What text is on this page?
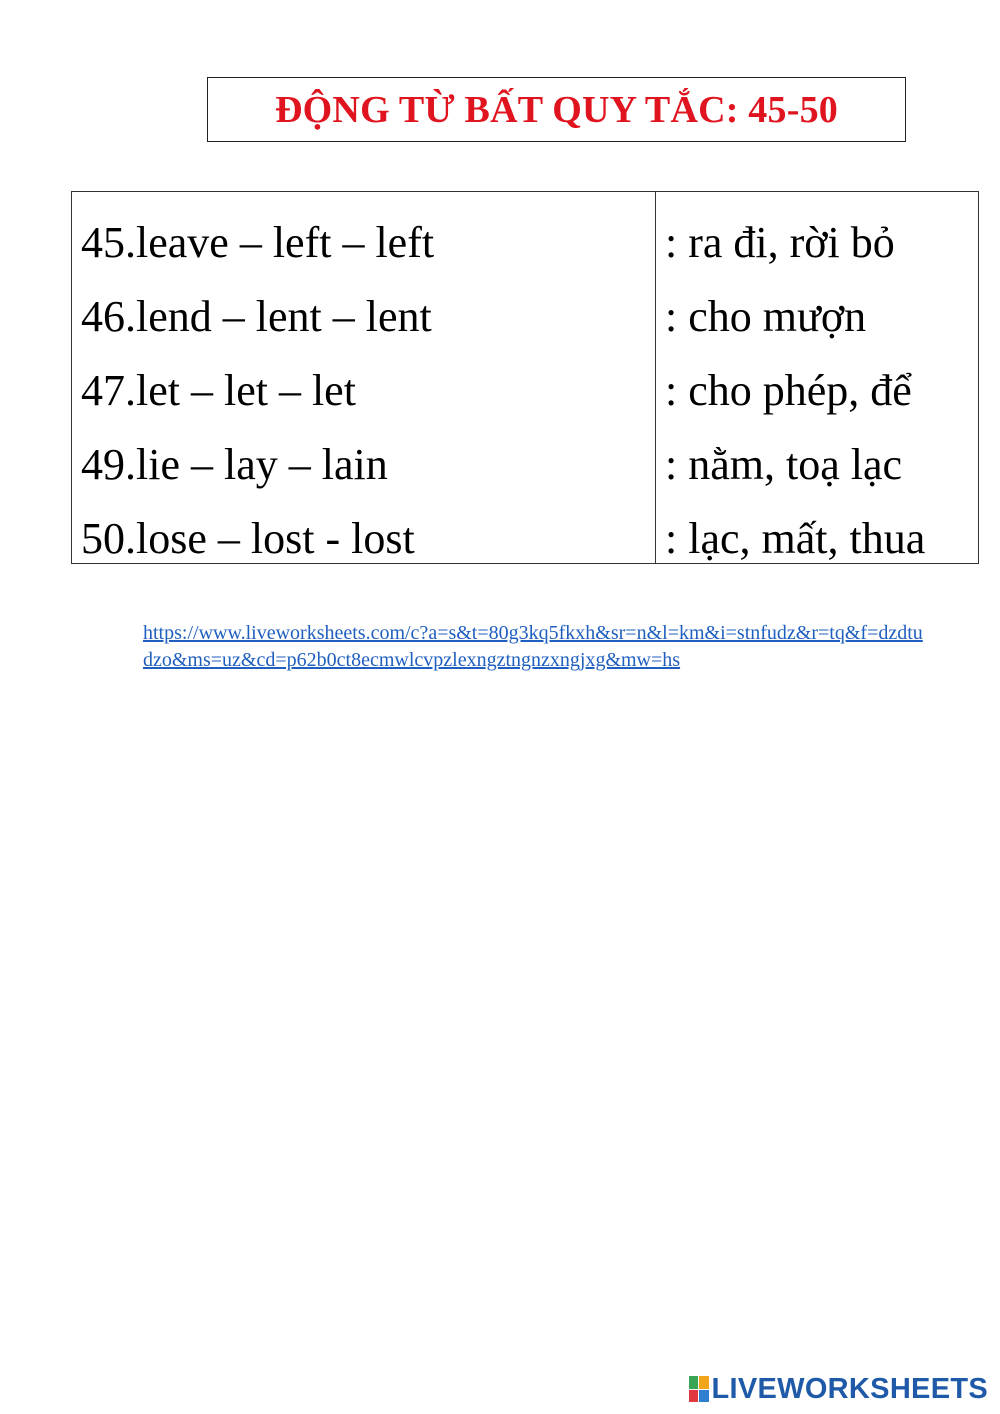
ĐỘNG TỪ BẤT QUY TẮC: 45-50
45.leave – left – left
46.lend – lent – lent
47.let – let – let
49.lie – lay – lain
50.lose – lost - lost
: ra đi, rời bỏ
: cho mượn
: cho phép, để
: nằm, toạ lạc
: lạc, mất, thua
https://www.liveworksheets.com/c?a=s&t=80g3kq5fkxh&sr=n&l=km&i=stnfudz&r=tq&f=dzdtudzo&ms=uz&cd=p62b0ct8ecmwlcvpzlexngztngnzxngjxg&mw=hs
LIVEWORKSHEETS
